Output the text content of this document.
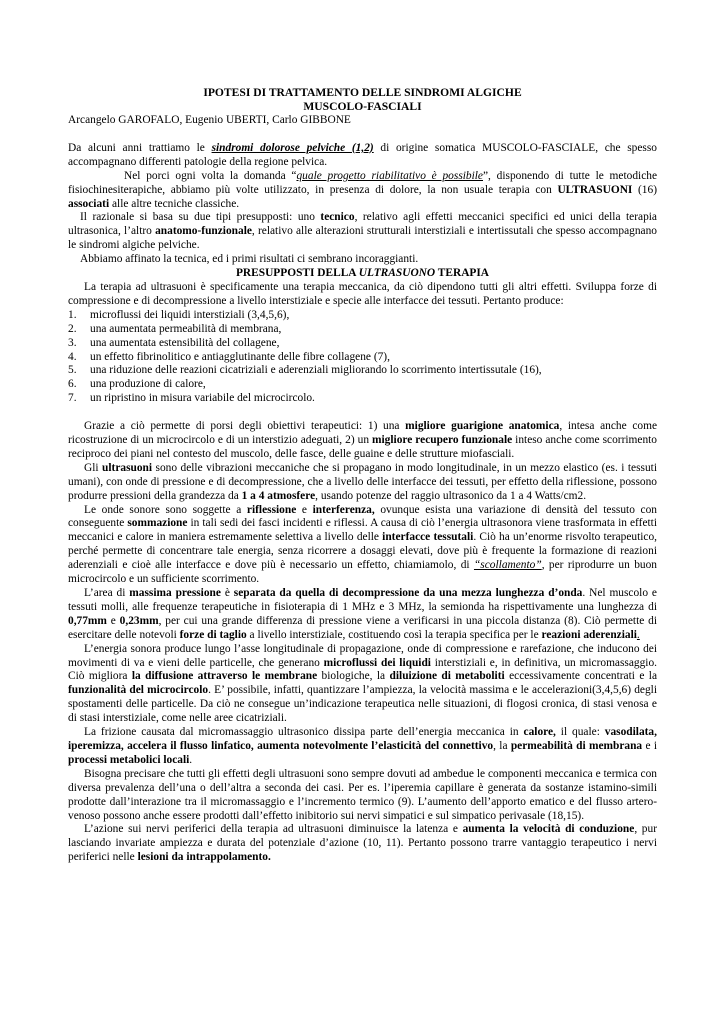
IPOTESI DI TRATTAMENTO DELLE SINDROMI ALGICHE
MUSCOLO-FASCIALI

Arcangelo GAROFALO, Eugenio UBERTI, Carlo GIBBONE

Da alcuni anni trattiamo le sindromi dolorose pelviche (1,2) di origine somatica MUSCOLO-FASCIALE, che spesso accompagnano differenti patologie della regione pelvica.

Nel porci ogni volta la domanda “quale progetto riabilitativo è possibile”, disponendo di tutte le metodiche fisiochinesiterapiche, abbiamo più volte utilizzato, in presenza di dolore, la non usuale terapia con ULTRASUONI (16) associati alle altre tecniche classiche.

Il razionale si basa su due tipi presupposti: uno tecnico, relativo agli effetti meccanici specifici ed unici della terapia ultrasonica, l’altro anatomo-funzionale, relativo alle alterazioni strutturali interstiziali e intertissutali che spesso accompagnano le sindromi algiche pelviche.

Abbiamo affinato la tecnica, ed i primi risultati ci sembrano incoraggianti.

PRESUPPOSTI DELLA ULTRASUONO TERAPIA

La terapia ad ultrasuoni è specificamente una terapia meccanica, da ciò dipendono tutti gli altri effetti. Sviluppa forze di compressione e di decompressione a livello interstiziale e specie alle interfacce dei tessuti. Pertanto produce:

1.	microflussi dei liquidi interstiziali (3,4,5,6),
2.	una aumentata permeabilità di membrana,
3.	una aumentata estensibilità del collagene,
4.	un effetto fibrinolitico e antiagglutinante delle fibre collagene (7),
5.	una riduzione delle reazioni cicatriziali e aderenziali migliorando lo scorrimento intertissutale (16),
6.	una produzione di calore,
7.	un ripristino in misura variabile del microcircolo.

Grazie a ciò permette di porsi degli obiettivi terapeutici: 1) una migliore guarigione anatomica, intesa anche come ricostruzione di un microcircolo e di un interstizio adeguati, 2) un migliore recupero funzionale inteso anche come scorrimento reciproco dei piani nel contesto del muscolo, delle fasce, delle guaine e delle strutture miofasciali.

Gli ultrasuoni sono delle vibrazioni meccaniche che si propagano in modo longitudinale, in un mezzo elastico (es. i tessuti umani), con onde di pressione e di decompressione, che a livello delle interfacce dei tessuti, per effetto della riflessione, possono produrre pressioni della grandezza da 1 a 4 atmosfere, usando potenze del raggio ultrasonico da 1 a 4 Watts/cm2.

Le onde sonore sono soggette a riflessione e interferenza, ovunque esista una variazione di densità del tessuto con conseguente sommazione in tali sedi dei fasci incidenti e riflessi. A causa di ciò l’energia ultrasonora viene trasformata in effetti meccanici e calore in maniera estremamente selettiva a livello delle interfacce tessutali. Ciò ha un’enorme risvolto terapeutico, perché permette di concentrare tale energia, senza ricorrere a dosaggi elevati, dove più è frequente la formazione di reazioni aderenziali e cioè alle interfacce e dove più è necessario un effetto, chiamiamolo, di “scollamento”, per riprodurre un buon microcircolo e un sufficiente scorrimento.

L’area di massima pressione è separata da quella di decompressione da una mezza lunghezza d’onda. Nel muscolo e tessuti molli, alle frequenze terapeutiche in fisioterapia di 1 MHz e 3 MHz, la semionda ha rispettivamente una lunghezza di 0,77mm e 0,23mm, per cui una grande differenza di pressione viene a verificarsi in una piccola distanza (8). Ciò permette di esercitare delle notevoli forze di taglio a livello interstiziale, costituendo così la terapia specifica per le reazioni aderenziali.

L’energia sonora produce lungo l’asse longitudinale di propagazione, onde di compressione e rarefazione, che inducono dei movimenti di va e vieni delle particelle, che generano microflussi dei liquidi interstiziali e, in definitiva, un micromassaggio. Ciò migliora la diffusione attraverso le membrane biologiche, la diluizione di metaboliti eccessivamente concentrati e la funzionalità del microcircolo. E’ possibile, infatti, quantizzare l’ampiezza, la velocità massima e le accelerazioni(3,4,5,6) degli spostamenti delle particelle. Da ciò ne consegue un’indicazione terapeutica nelle situazioni, di flogosi cronica, di stasi venosa e di stasi interstiziale, come nelle aree cicatriziali.

La frizione causata dal micromassaggio ultrasonico dissipa parte dell’energia meccanica in calore, il quale: vasodilata, iperemizza, accelera il flusso linfatico, aumenta notevolmente l’elasticità del connettivo, la permeabilità di membrana e i processi metabolici locali.

Bisogna precisare che tutti gli effetti degli ultrasuoni sono sempre dovuti ad ambedue le componenti meccanica e termica con diversa prevalenza dell’una o dell’altra a seconda dei casi. Per es. l’iperemia capillare è generata da sostanze istamino-simili prodotte dall’interazione tra il micromassaggio e l’incremento termico (9). L’aumento dell’apporto ematico e del flusso artero-venoso possono anche essere prodotti dall’effetto inibitorio sui nervi simpatici e sul simpatico perivasale (18,15).

L’azione sui nervi periferici della terapia ad ultrasuoni diminuisce la latenza e aumenta la velocità di conduzione, pur lasciando invariate ampiezza e durata del potenziale d’azione (10, 11). Pertanto possono trarre vantaggio terapeutico i nervi periferici nelle lesioni da intrappolamento.
